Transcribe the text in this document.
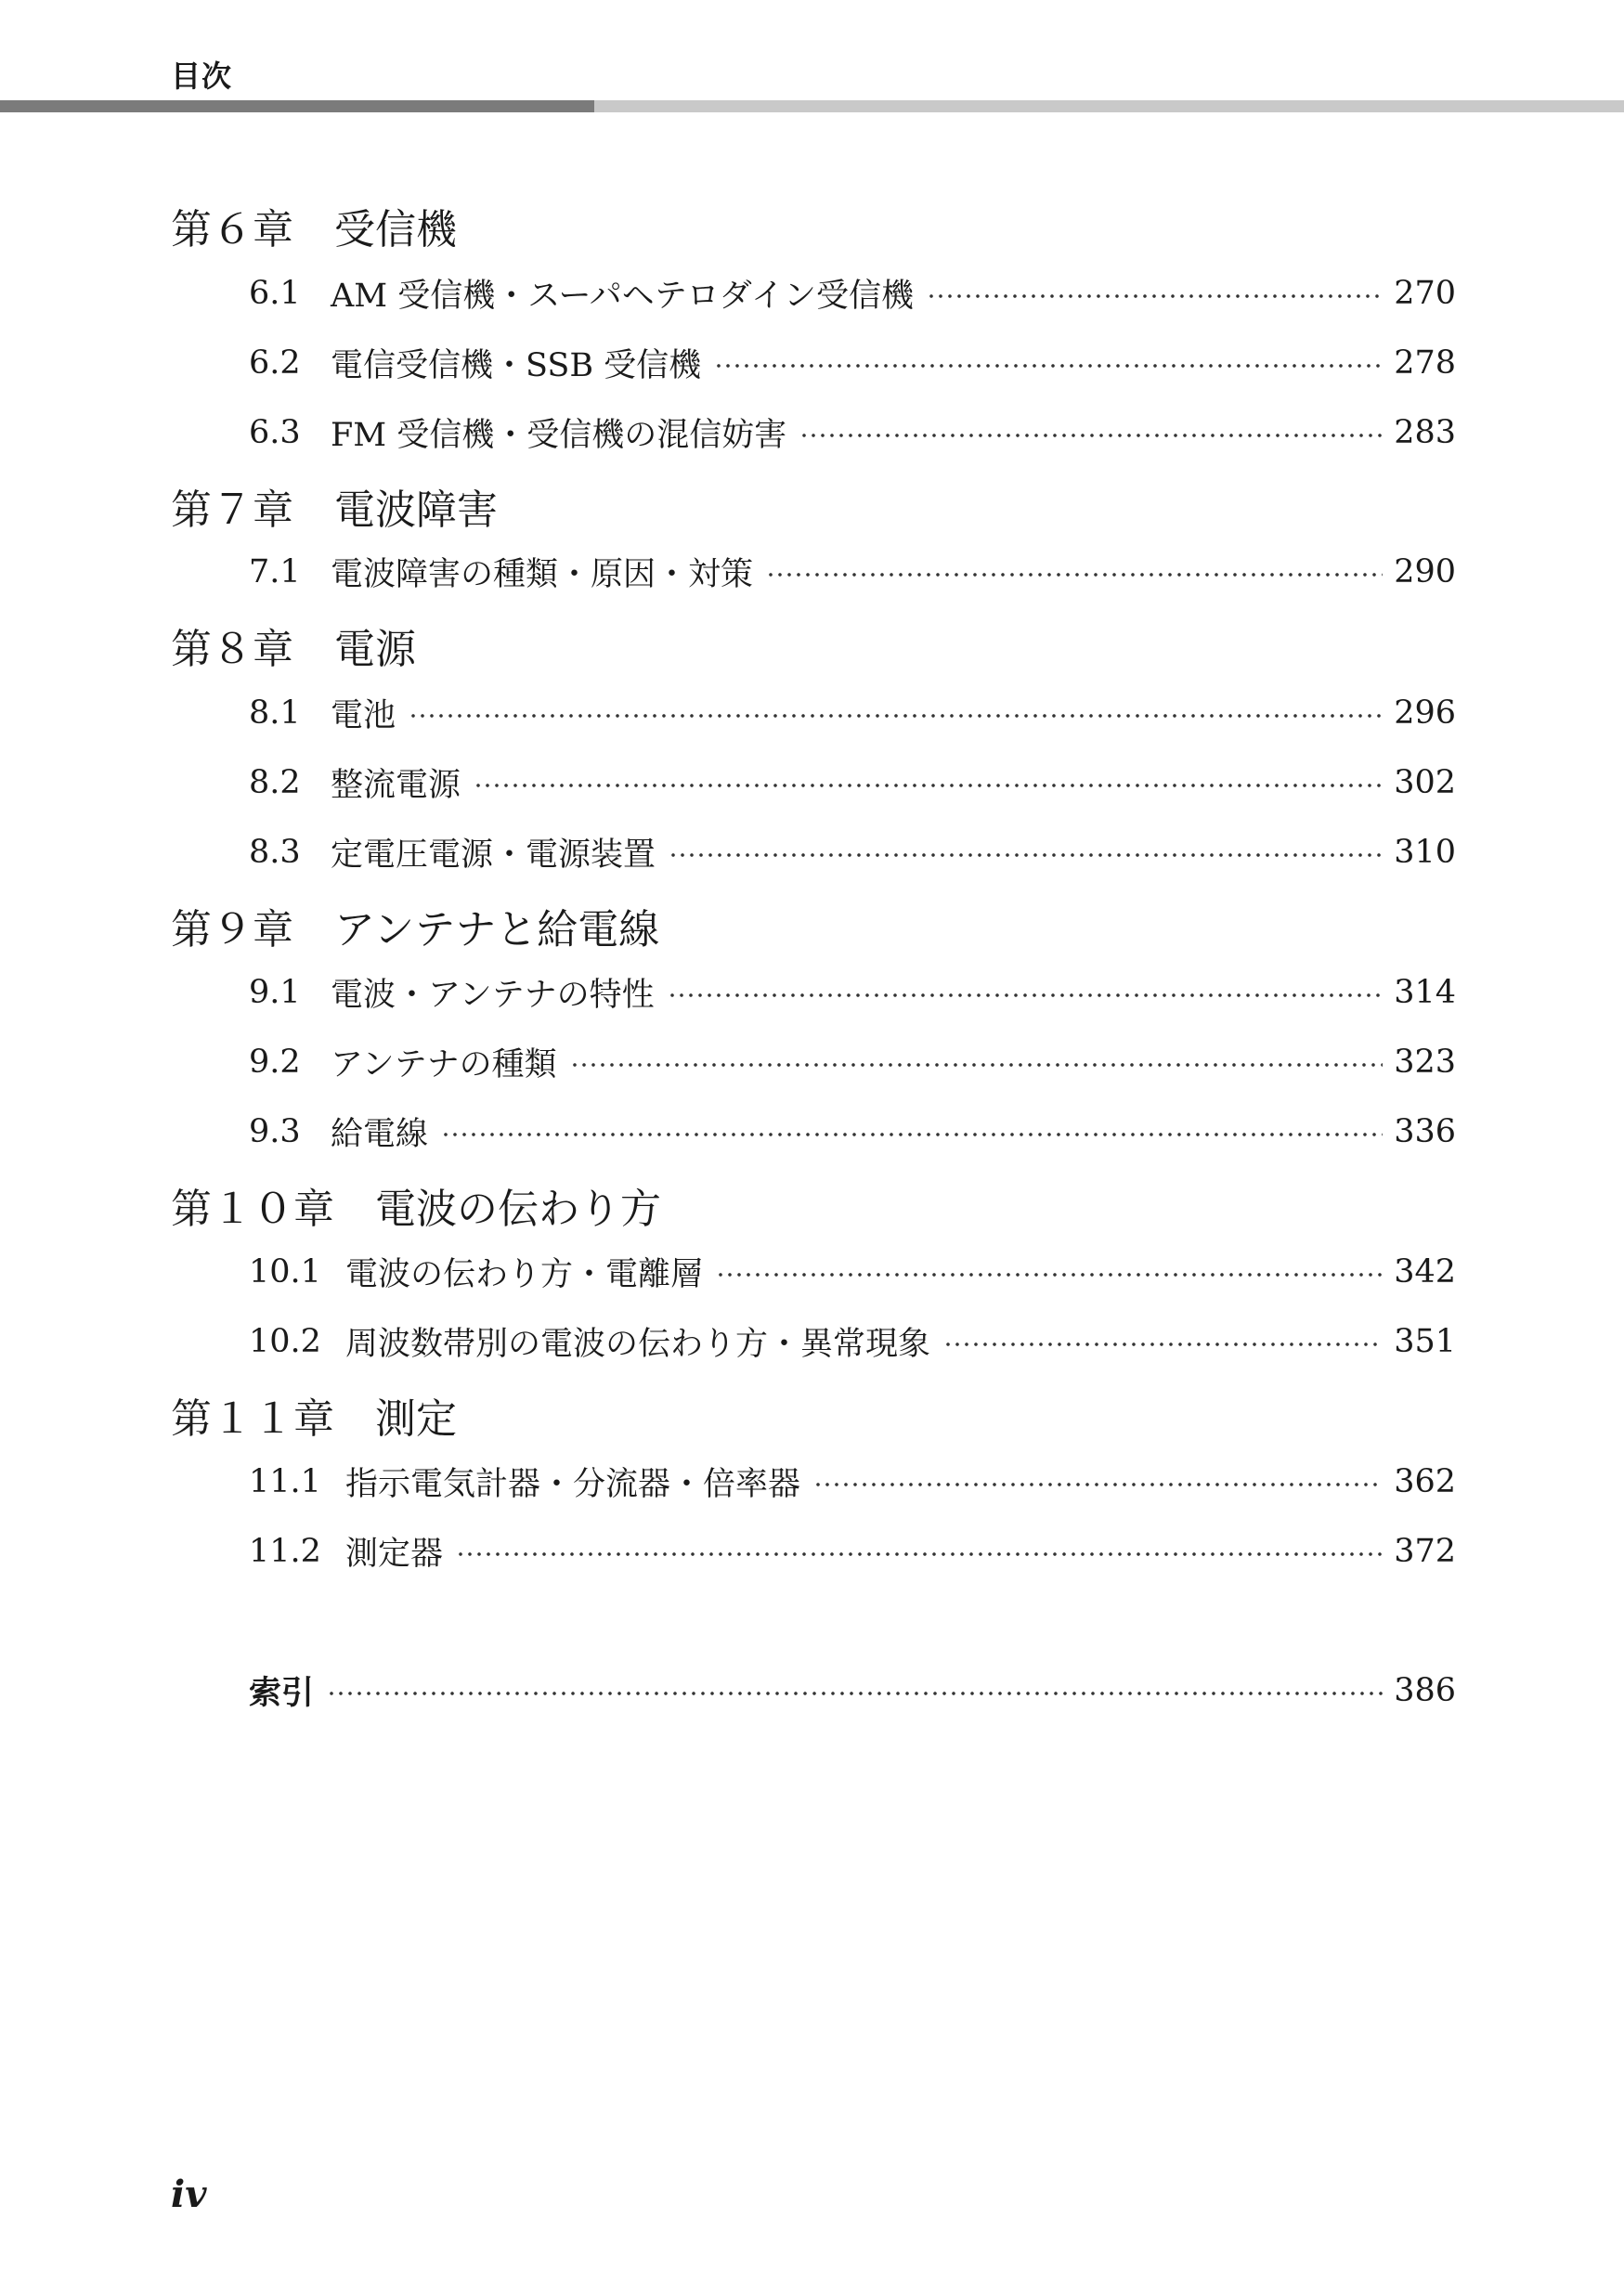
目次
第６章 受信機
6.1 AM 受信機・スーパヘテロダイン受信機	270
6.2 電信受信機・SSB 受信機	278
6.3 FM 受信機・受信機の混信妨害	283
第７章 電波障害
7.1 電波障害の種類・原因・対策	290
第８章 電源
8.1 電池	296
8.2 整流電源	302
8.3 定電圧電源・電源装置	310
第９章 アンテナと給電線
9.1 電波・アンテナの特性	314
9.2 アンテナの種類	323
9.3 給電線	336
第１０章 電波の伝わり方
10.1 電波の伝わり方・電離層	342
10.2 周波数帯別の電波の伝わり方・異常現象	351
第１１章 測定
11.1 指示電気計器・分流器・倍率器	362
11.2 測定器	372
索引	386
iv
